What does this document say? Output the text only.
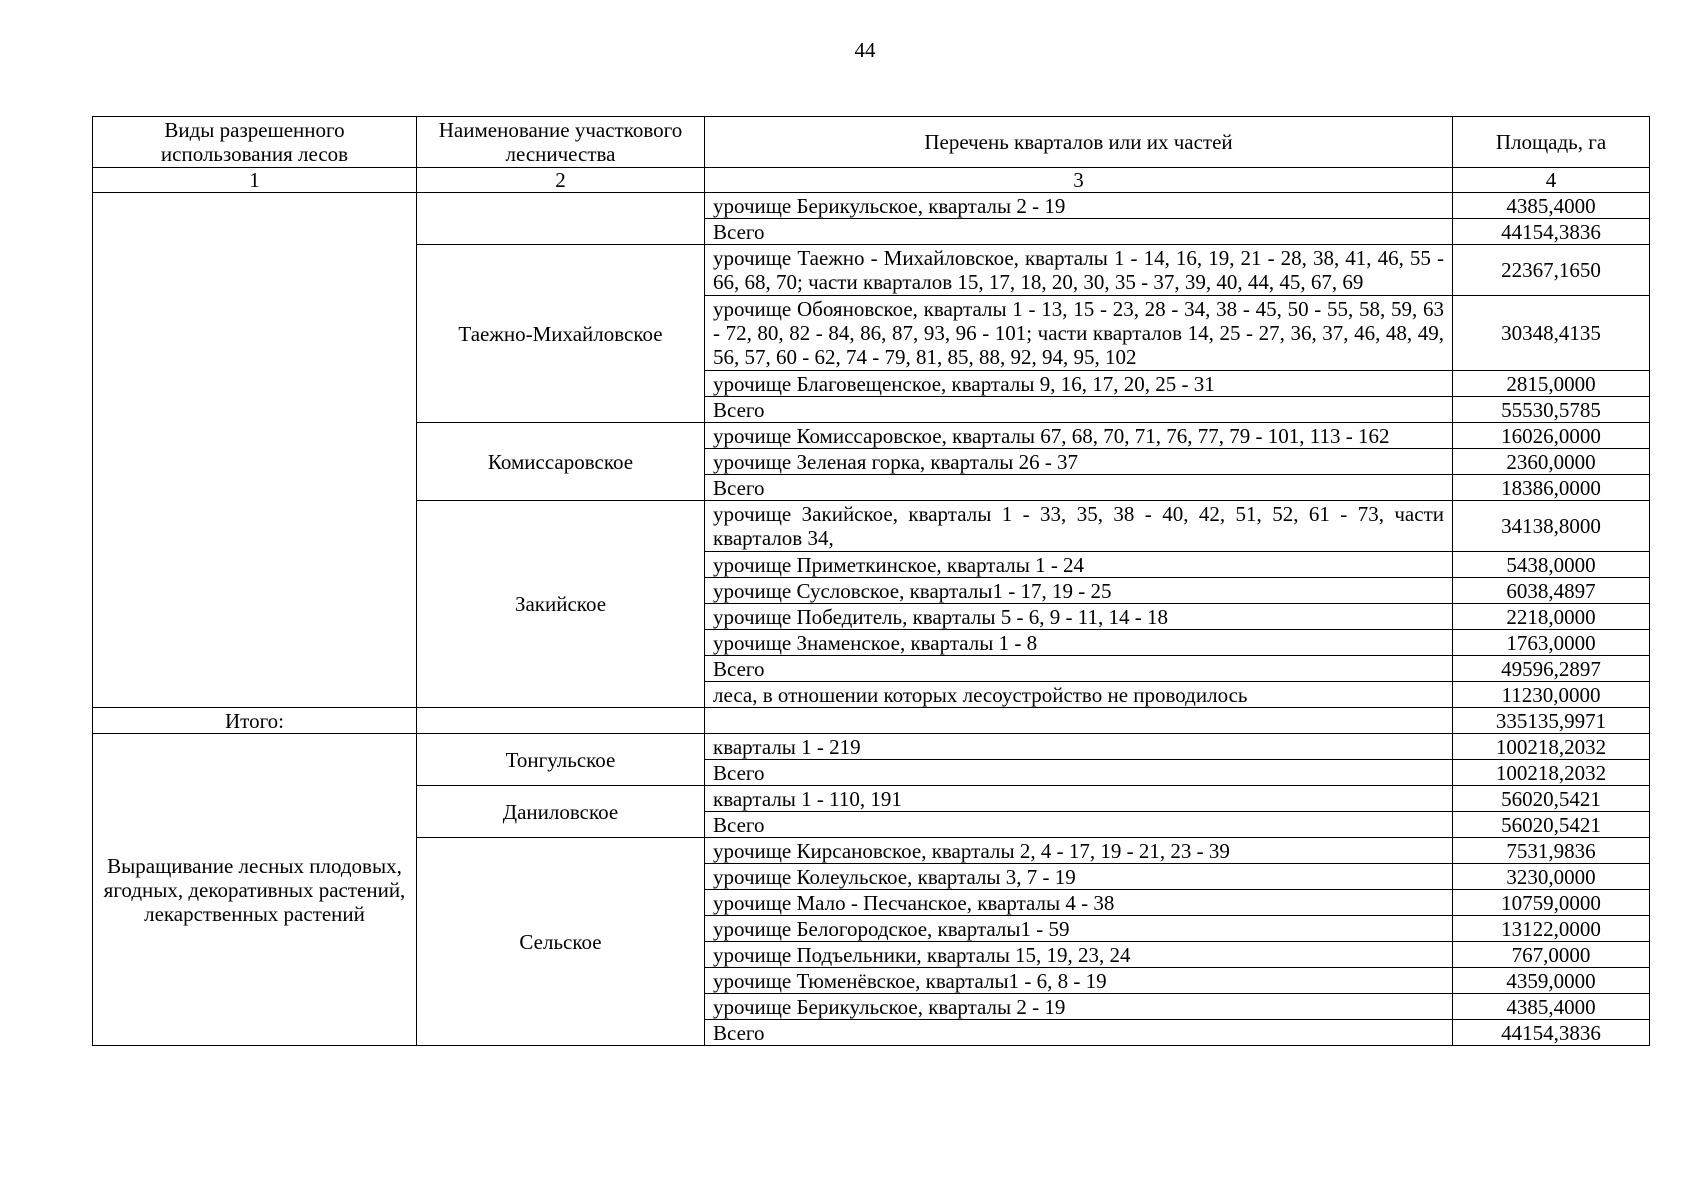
44
Виды разрешенного использования лесов	Наименование участкового лесничества	Перечень кварталов или их частей	Площадь, га
1	2	3	4
		урочище Берикульское, кварталы 2 - 19	4385,4000
		Всего	44154,3836
	Таежно-Михайловское	урочище Таежно - Михайловское, кварталы 1 - 14, 16, 19, 21 - 28, 38, 41, 46, 55 - 66, 68, 70; части кварталов 15, 17, 18, 20, 30, 35 - 37, 39, 40, 44, 45, 67, 69	22367,1650
		урочище Обояновское, кварталы 1 - 13, 15 - 23, 28 - 34, 38 - 45, 50 - 55, 58, 59, 63 - 72, 80, 82 - 84, 86, 87, 93, 96 - 101; части кварталов 14, 25 - 27, 36, 37, 46, 48, 49, 56, 57, 60 - 62, 74 - 79, 81, 85, 88, 92, 94, 95, 102	30348,4135
		урочище Благовещенское, кварталы 9, 16, 17, 20, 25 - 31	2815,0000
		Всего	55530,5785
	Комиссаровское	урочище Комиссаровское, кварталы 67, 68, 70, 71, 76, 77, 79 - 101, 113 - 162	16026,0000
		урочище Зеленая горка, кварталы 26 - 37	2360,0000
		Всего	18386,0000
	Закийское	урочище Закийское, кварталы 1 - 33, 35, 38 - 40, 42, 51, 52, 61 - 73, части кварталов 34,	34138,8000
		урочище Приметкинское, кварталы 1 - 24	5438,0000
		урочище Сусловское, кварталы1 - 17, 19 - 25	6038,4897
		урочище Победитель, кварталы 5 - 6, 9 - 11, 14 - 18	2218,0000
		урочище Знаменское, кварталы 1 - 8	1763,0000
		Всего	49596,2897
		леса, в отношении которых лесоустройство не проводилось	11230,0000
Итого:			335135,9971
Выращивание лесных плодовых, ягодных, декоративных растений, лекарственных растений	Тонгульское	кварталы 1 - 219	100218,2032
		Всего	100218,2032
	Даниловское	кварталы 1 - 110, 191	56020,5421
		Всего	56020,5421
	Сельское	урочище Кирсановское, кварталы 2, 4 - 17, 19 - 21, 23 - 39	7531,9836
		урочище Колеульское, кварталы 3, 7 - 19	3230,0000
		урочище Мало - Песчанское, кварталы 4 - 38	10759,0000
		урочище Белогородское, кварталы1 - 59	13122,0000
		урочище Подъельники, кварталы 15, 19, 23, 24	767,0000
		урочище Тюменёвское, кварталы1 - 6, 8 - 19	4359,0000
		урочище Берикульское, кварталы 2 - 19	4385,4000
		Всего	44154,3836
